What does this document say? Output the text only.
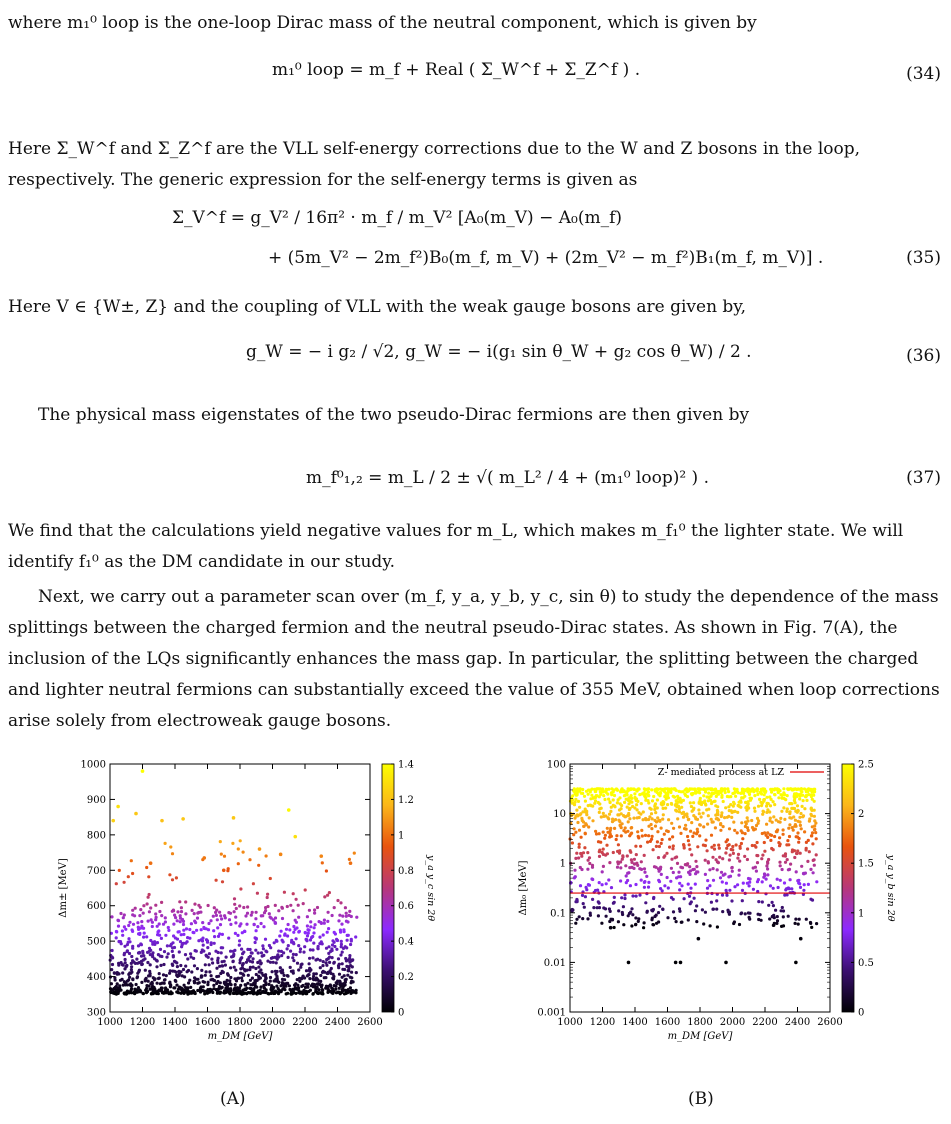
where m₁⁰ loop is the one-loop Dirac mass of the neutral component, which is given by
m₁⁰ loop = m_f + Real ( Σ_W^f + Σ_Z^f ) .	(34)
Here Σ_W^f and Σ_Z^f are the VLL self-energy corrections due to the W and Z bosons in the loop, respectively. The generic expression for the self-energy terms is given as
Σ_V^f = g_V² / 16π² · m_f / m_V² [A₀(m_V) − A₀(m_f)
+ (5m_V² − 2m_f²)B₀(m_f, m_V) + (2m_V² − m_f²)B₁(m_f, m_V)] .	(35)
Here V ∈ {W±, Z} and the coupling of VLL with the weak gauge bosons are given by,
g_W = − i g₂ / √2, g_W = − i(g₁ sin θ_W + g₂ cos θ_W) / 2 .	(36)
The physical mass eigenstates of the two pseudo-Dirac fermions are then given by
m_f⁰₁,₂ = m_L / 2 ± √( m_L² / 4 + (m₁⁰ loop)² ) .	(37)
We find that the calculations yield negative values for m_L, which makes m_f₁⁰ the lighter state. We will identify f₁⁰ as the DM candidate in our study.
Next, we carry out a parameter scan over (m_f, y_a, y_b, y_c, sin θ) to study the dependence of the mass splittings between the charged fermion and the neutral pseudo-Dirac states. As shown in Fig. 7(A), the inclusion of the LQs significantly enhances the mass gap. In particular, the splitting between the charged and lighter neutral fermions can substantially exceed the value of 355 MeV, obtained when loop corrections arise solely from electroweak gauge bosons.
1000 1200 1400 1600 1800 2000 2200 2400 2600
300
400
500
600
700
800
900
1000
m_DM [GeV]
Δm± [MeV]
0
0.2
0.4
0.6
0.8
1
1.2
1.4
y_a y_c sin 2θ
(A)
1000 1200 1400 1600 1800 2000 2200 2400 2600
0.001
0.01
0.1
1
10
100
m_DM [GeV]
Δm₀ [MeV]
Z- mediated process at LZ
0
0.5
1
1.5
2
2.5
y_a y_b sin 2θ
(B)
